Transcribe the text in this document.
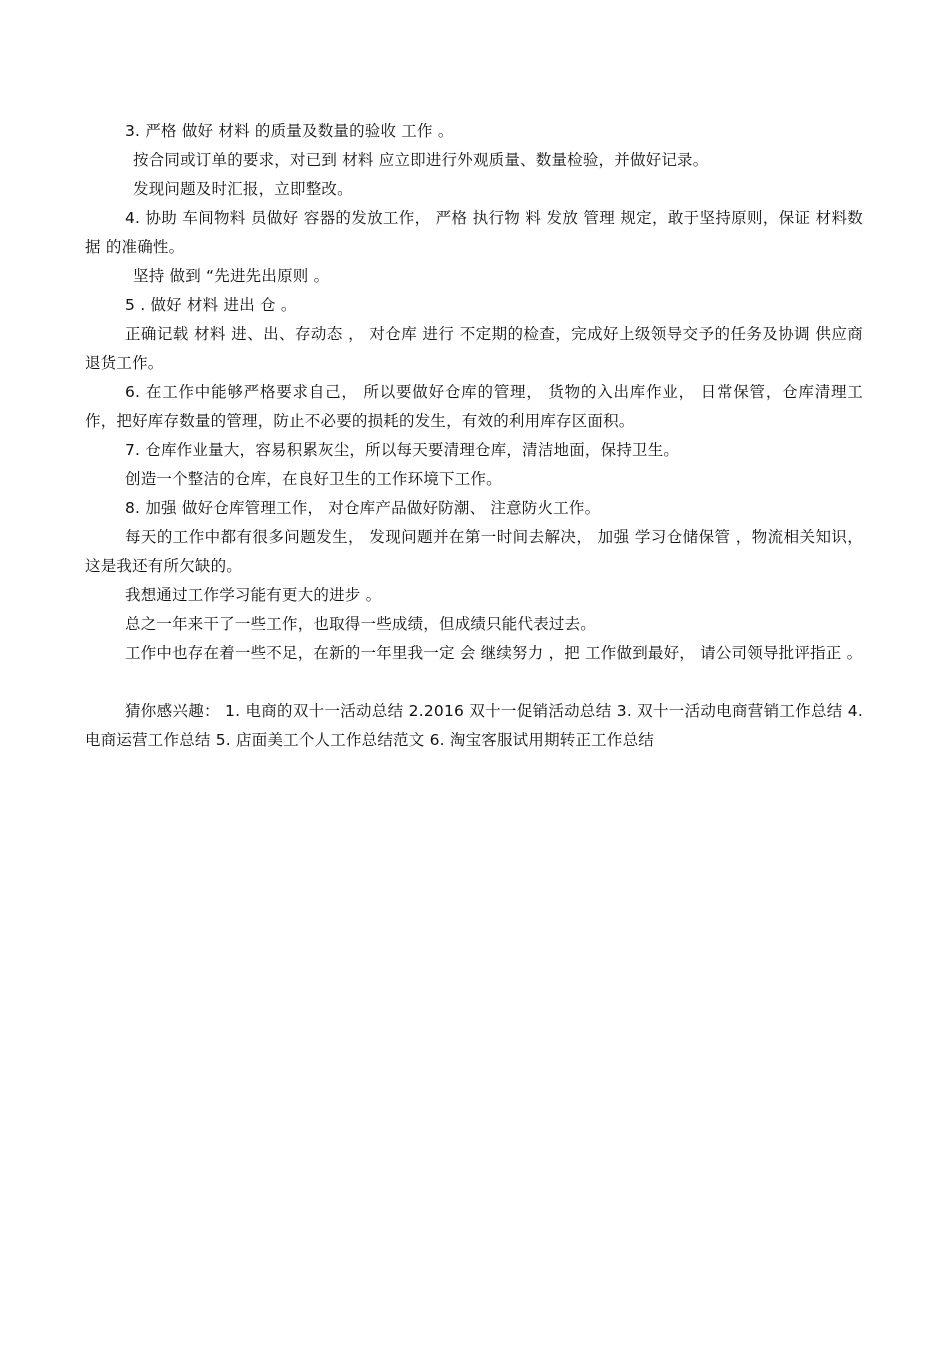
3. 严格 做好 材料 的质量及数量的验收 工作 。

按合同或订单的要求，对已到 材料 应立即进行外观质量、数量检验，并做好记录。

发现问题及时汇报，立即整改。

4. 协助 车间物料 员做好 容器的发放工作， 严格 执行物 料 发放 管理 规定，敢于坚持原则，保证 材料数据 的准确性。

坚持 做到 “先进先出原则 。

5 . 做好 材料 进出 仓 。

正确记载 材料 进、出、存动态 ， 对仓库 进行 不定期的检查，完成好上级领导交予的任务及协调 供应商 退货工作。

6. 在工作中能够严格要求自己， 所以要做好仓库的管理， 货物的入出库作业， 日常保管，仓库清理工作，把好库存数量的管理，防止不必要的损耗的发生，有效的利用库存区面积。

7. 仓库作业量大，容易积累灰尘，所以每天要清理仓库，清洁地面，保持卫生。

创造一个整洁的仓库，在良好卫生的工作环境下工作。

8. 加强 做好仓库管理工作， 对仓库产品做好防潮、 注意防火工作。

每天的工作中都有很多问题发生， 发现问题并在第一时间去解决， 加强 学习仓储保管 ，物流相关知识，这是我还有所欠缺的。

我想通过工作学习能有更大的进步 。

总之一年来干了一些工作，也取得一些成绩，但成绩只能代表过去。

工作中也存在着一些不足，在新的一年里我一定 会 继续努力 ，把 工作做到最好， 请公司领导批评指正 。

猜你感兴趣： 1. 电商的双十一活动总结 2.2016 双十一促销活动总结 3. 双十一活动电商营销工作总结 4. 电商运营工作总结 5. 店面美工个人工作总结范文 6. 淘宝客服试用期转正工作总结
